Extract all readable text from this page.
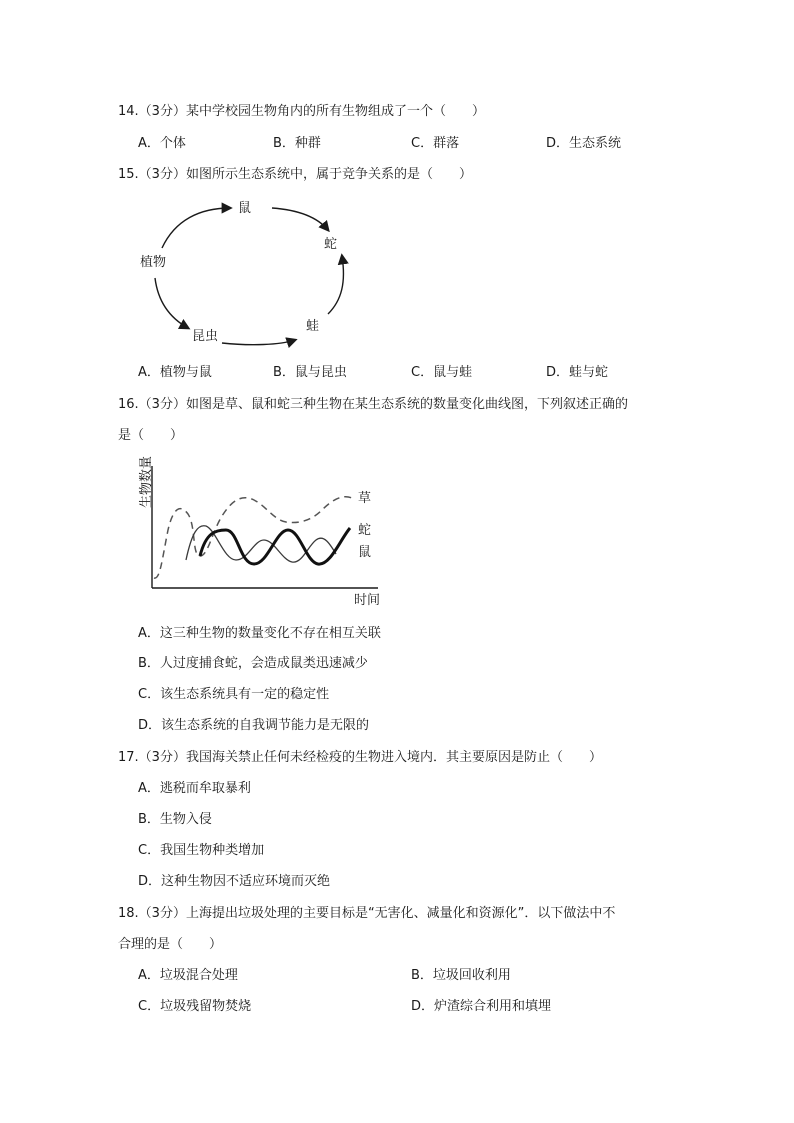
14.（3分）某中学校园生物角内的所有生物组成了一个（　　）
A．个体	B．种群	C．群落	D．生态系统
15.（3分）如图所示生态系统中，属于竞争关系的是（　　）
植物
鼠
蛇
昆虫
蛙
A．植物与鼠	B．鼠与昆虫	C．鼠与蛙	D．蛙与蛇
16.（3分）如图是草、鼠和蛇三种生物在某生态系统的数量变化曲线图，下列叙述正确的
是（　　）
生物数量	草
蛇
鼠
时间
A．这三种生物的数量变化不存在相互关联
B．人过度捕食蛇，会造成鼠类迅速减少
C．该生态系统具有一定的稳定性
D．该生态系统的自我调节能力是无限的
17.（3分）我国海关禁止任何未经检疫的生物进入境内．其主要原因是防止（　　）
A．逃税而牟取暴利
B．生物入侵
C．我国生物种类增加
D．这种生物因不适应环境而灭绝
18.（3分）上海提出垃圾处理的主要目标是“无害化、减量化和资源化”．以下做法中不
合理的是（　　）
A．垃圾混合处理	B．垃圾回收利用
C．垃圾残留物焚烧	D．炉渣综合利用和填埋
